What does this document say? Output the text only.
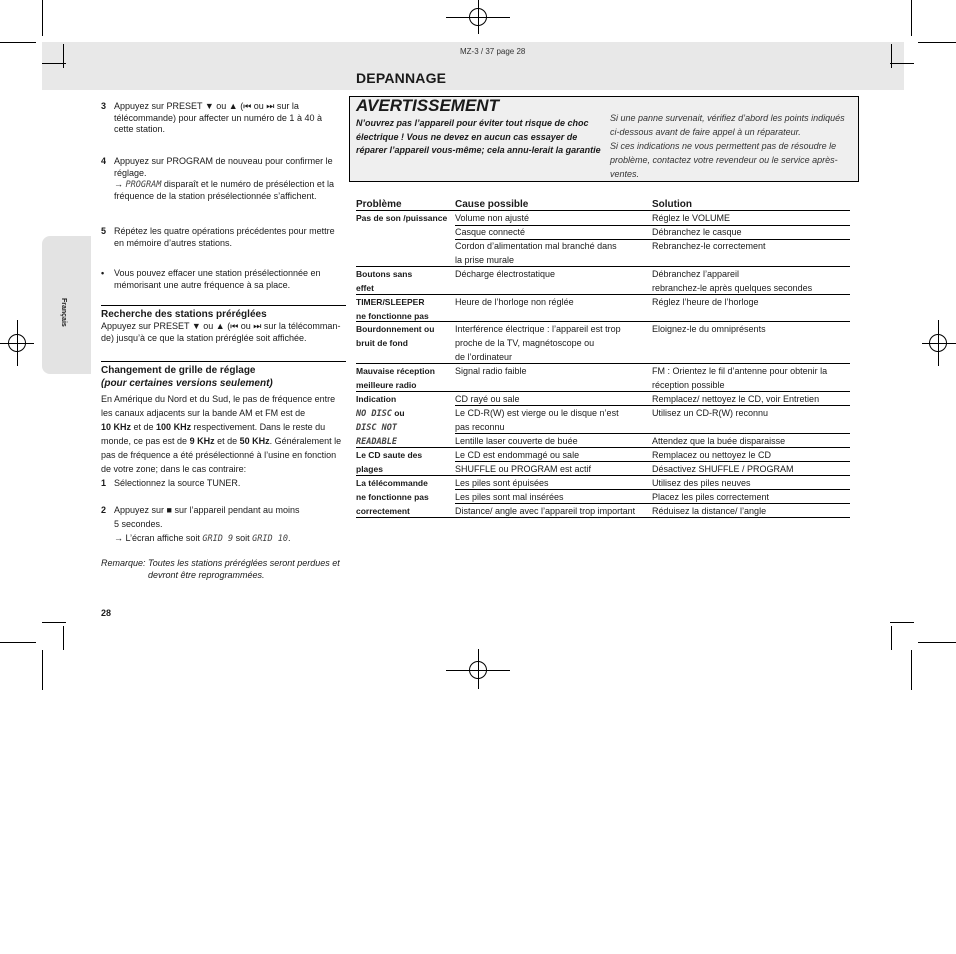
MZ-3 / 37 page 28
DEPANNAGE
Français
3 Appuyez sur PRESET ▼ ou ▲ (⏮ ou ⏭ sur la
télécommande) pour affecter un numéro de 1 à 40 à
cette station.
4 Appuyez sur PROGRAM de nouveau pour confirmer le
réglage.
→ PROGRAM disparaît et le numéro de présélection et la
fréquence de la station présélectionnée s’affichent.
5 Répétez les quatre opérations précédentes pour mettre
en mémoire d’autres stations.
• Vous pouvez effacer une station présélectionnée en
mémorisant une autre fréquence à sa place.
Recherche des stations préréglées
Appuyez sur PRESET ▼ ou ▲ (⏮ ou ⏭ sur la télécomman-
de) jusqu’à ce que la station préréglée soit affichée.
Changement de grille de réglage
(pour certaines versions seulement)
En Amérique du Nord et du Sud, le pas de fréquence entre
les canaux adjacents sur la bande AM et FM est de
10 KHz et de 100 KHz respectivement. Dans le reste du
monde, ce pas est de 9 KHz et de 50 KHz. Généralement le
pas de fréquence a été présélectionné à l’usine en fonction
de votre zone; dans le cas contraire:
1 Sélectionnez la source TUNER.
2 Appuyez sur ■ sur l’appareil pendant au moins
5 secondes.
→ L’écran affiche soit GRID 9 soit GRID 10.
Remarque: Toutes les stations préréglées seront perdues et
devront être reprogrammées.
28
AVERTISSEMENT
N’ouvrez pas l’appareil pour éviter tout risque de choc électrique ! Vous ne devez en aucun cas essayer de réparer l’appareil vous-même; cela annu-lerait la garantie
Si une panne survenait, vérifiez d’abord les points indiqués ci-dessous avant de faire appel à un réparateur.
Si ces indications ne vous permettent pas de résoudre le problème, contactez votre revendeur ou le service après-ventes.
Problème	Cause possible	Solution
Pas de son /puissance
Boutons sans
effet
TIMER/SLEEPER
ne fonctionne pas
Bourdonnement ou
bruit de fond
Mauvaise réception
meilleure radio
Indication
NO DISC ou
DISC NOT
READABLE
Le CD saute des
plages
La télécommande
ne fonctionne pas
correctement
Volume non ajusté
Casque connecté
Cordon d’alimentation mal branché dans
la prise murale
Décharge électrostatique
Heure de l’horloge non réglée
Interférence électrique : l’appareil est trop
proche de la TV, magnétoscope ou
de l’ordinateur
Signal radio faible
CD rayé ou sale
Le CD-R(W) est vierge ou le disque n’est
pas reconnu
Lentille laser couverte de buée
Le CD est endommagé ou sale
SHUFFLE ou PROGRAM est actif
Les piles sont épuisées
Les piles sont mal insérées
Distance/ angle avec l’appareil trop important
Réglez le VOLUME
Débranchez le casque
Rebranchez-le correctement
Débranchez l’appareil
rebranchez-le après quelques secondes
Réglez l’heure de l’horloge
Eloignez-le du omniprésents
FM : Orientez le fil d’antenne pour obtenir la
réception possible
Remplacez/ nettoyez le CD, voir Entretien
Utilisez un CD-R(W) reconnu
Attendez que la buée disparaisse
Remplacez ou nettoyez le CD
Désactivez SHUFFLE / PROGRAM
Utilisez des piles neuves
Placez les piles correctement
Réduisez la distance/ l’angle
